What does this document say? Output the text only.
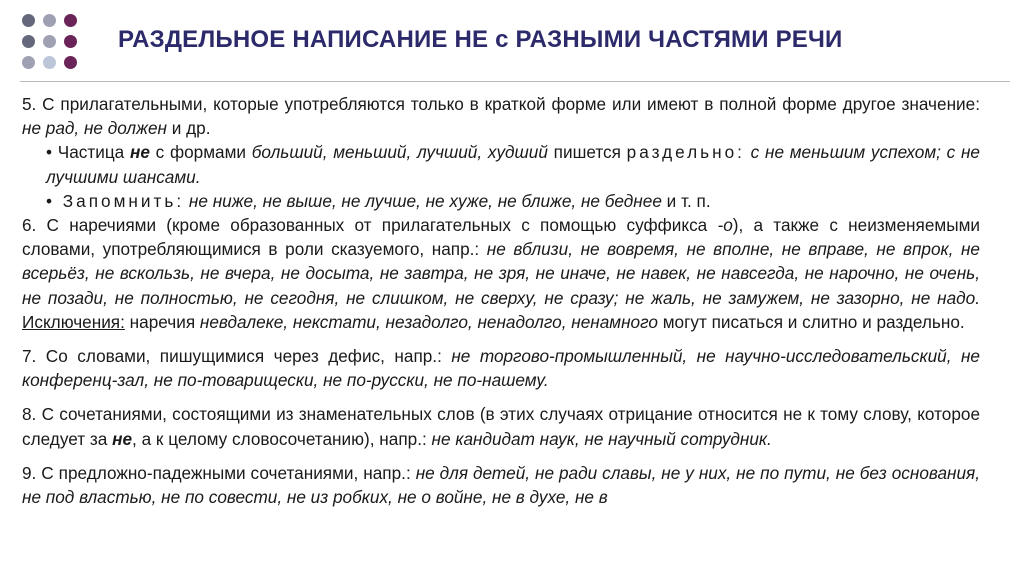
РАЗДЕЛЬНОЕ НАПИСАНИЕ НЕ с РАЗНЫМИ ЧАСТЯМИ РЕЧИ

5. С прилагательными, которые употребляются только в краткой форме или имеют в полной форме другое значение: не рад, не должен и др.

• Частица не с формами больший, меньший, лучший, худший пишется раздельно: с не меньшим успехом; с не лучшими шансами.

• Запомнить: не ниже, не выше, не лучше, не хуже, не ближе, не беднее и т. п.

6. С наречиями (кроме образованных от прилагательных с помощью суффикса -о), а также с неизменяемыми словами, употребляющимися в роли сказуемого, напр.: не вблизи, не вовремя, не вполне, не вправе, не впрок, не всерьёз, не вскользь, не вчера, не досыта, не завтра, не зря, не иначе, не навек, не навсегда, не нарочно, не очень, не позади, не полностью, не сегодня, не слишком, не сверху, не сразу; не жаль, не замужем, не зазорно, не надо. Исключения: наречия невдалеке, некстати, незадолго, ненадолго, ненамного могут писаться и слитно и раздельно.

7. Со словами, пишущимися через дефис, напр.: не торгово-промышленный, не научно-исследовательский, не конференц-зал, не по-товарищески, не по-русски, не по-нашему.

8. С сочетаниями, состоящими из знаменательных слов (в этих случаях отрицание относится не к тому слову, которое следует за не, а к целому словосочетанию), напр.: не кандидат наук, не научный сотрудник.

9. С предложно-падежными сочетаниями, напр.: не для детей, не ради славы, не у них, не по пути, не без основания, не под властью, не по совести, не из робких, не о войне, не в духе, не в
